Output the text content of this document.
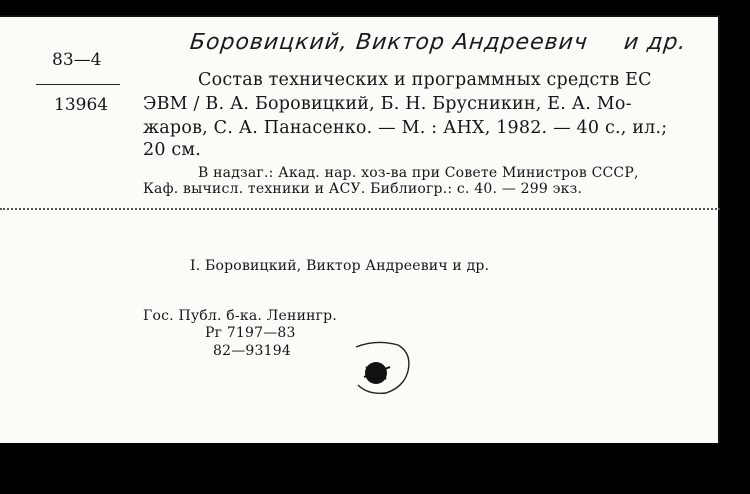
Боровицкий, Виктор Андреевич и др.
83—4
13964
Состав технических и программных средств ЕС
ЭВМ / В. А. Боровицкий, Б. Н. Брусникин, Е. А. Мо-
жаров, С. А. Панасенко. — М. : АНХ, 1982. — 40 с., ил.;
20 см.
В надзаг.: Акад. нар. хоз-ва при Совете Министров СССР,
Каф. вычисл. техники и АСУ. Библиогр.: с. 40. — 299 экз.
I. Боровицкий, Виктор Андреевич и др.
Гос. Публ. б-ка. Ленингр.
Рг 7197—83
82—93194
